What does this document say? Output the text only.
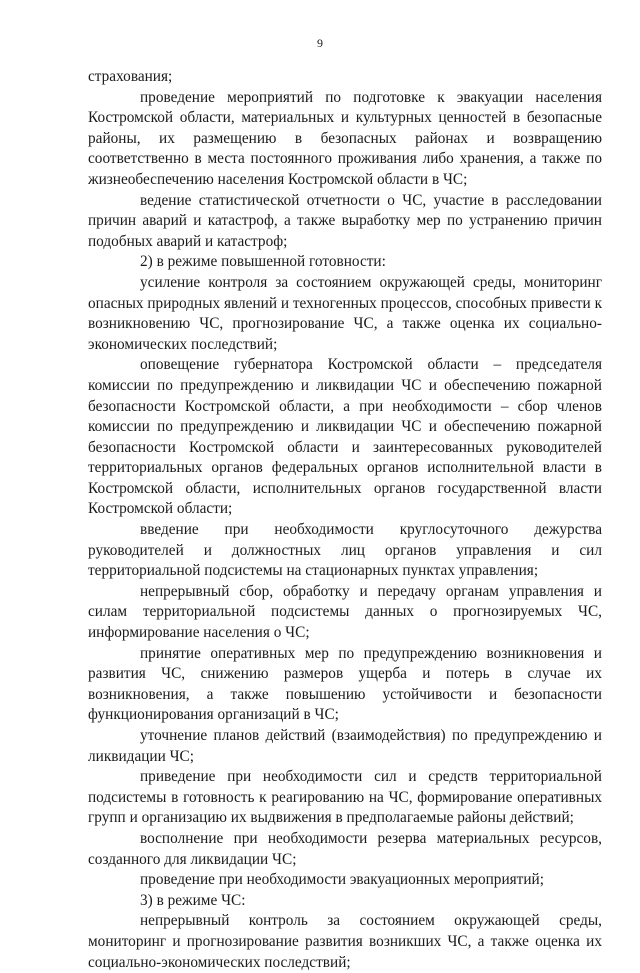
9

страхования;

проведение мероприятий по подготовке к эвакуации населения Костромской области, материальных и культурных ценностей в безопасные районы, их размещению в безопасных районах и возвращению соответственно в места постоянного проживания либо хранения, а также по жизнеобеспечению населения Костромской области в ЧС;

ведение статистической отчетности о ЧС, участие в расследовании причин аварий и катастроф, а также выработку мер по устранению причин подобных аварий и катастроф;

2) в режиме повышенной готовности:

усиление контроля за состоянием окружающей среды, мониторинг опасных природных явлений и техногенных процессов, способных привести к возникновению ЧС, прогнозирование ЧС, а также оценка их социально-экономических последствий;

оповещение губернатора Костромской области – председателя комиссии по предупреждению и ликвидации ЧС и обеспечению пожарной безопасности Костромской области, а при необходимости – сбор членов комиссии по предупреждению и ликвидации ЧС и обеспечению пожарной безопасности Костромской области и заинтересованных руководителей территориальных органов федеральных органов исполнительной власти в Костромской области, исполнительных органов государственной власти Костромской области;

введение при необходимости круглосуточного дежурства руководителей и должностных лиц органов управления и сил территориальной подсистемы на стационарных пунктах управления;

непрерывный сбор, обработку и передачу органам управления и силам территориальной подсистемы данных о прогнозируемых ЧС, информирование населения о ЧС;

принятие оперативных мер по предупреждению возникновения и развития ЧС, снижению размеров ущерба и потерь в случае их возникновения, а также повышению устойчивости и безопасности функционирования организаций в ЧС;

уточнение планов действий (взаимодействия) по предупреждению и ликвидации ЧС;

приведение при необходимости сил и средств территориальной подсистемы в готовность к реагированию на ЧС, формирование оперативных групп и организацию их выдвижения в предполагаемые районы действий;

восполнение при необходимости резерва материальных ресурсов, созданного для ликвидации ЧС;

проведение при необходимости эвакуационных мероприятий;

3) в режиме ЧС:

непрерывный контроль за состоянием окружающей среды, мониторинг и прогнозирование развития возникших ЧС, а также оценка их социально-экономических последствий;
